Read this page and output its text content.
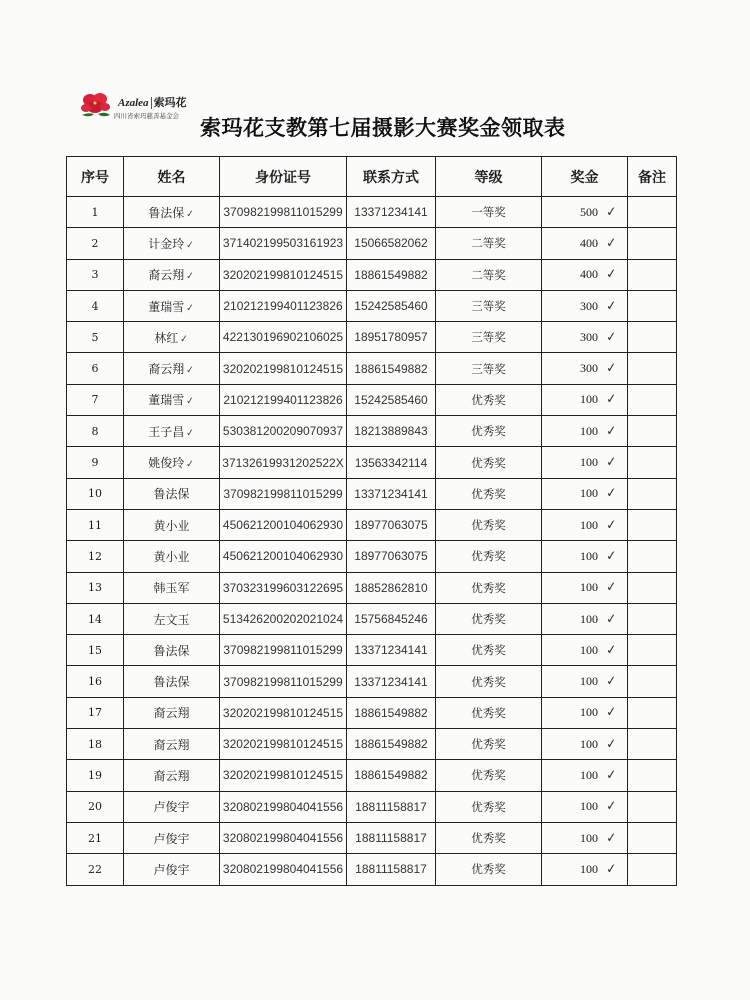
Azalea 索玛花
四川省索玛慈善基金会 索玛花支教第七届摄影大赛奖金领取表
序号	姓名	身份证号	联系方式	等级	奖金	备注
1	鲁法保✓	370982199811015299	13371234141	一等奖	500 ✓	
2	计金玲✓	371402199503161923	15066582062	二等奖	400 ✓	
3	裔云翔✓	320202199810124515	18861549882	二等奖	400 ✓	
4	董瑞雪✓	210212199401123826	15242585460	三等奖	300 ✓	
5	林红✓	422130196902106025	18951780957	三等奖	300 ✓	
6	裔云翔✓	320202199810124515	18861549882	三等奖	300 ✓	
7	董瑞雪✓	210212199401123826	15242585460	优秀奖	100 ✓	
8	王子昌✓	530381200209070937	18213889843	优秀奖	100 ✓	
9	姚俊玲✓	37132619931202522X	13563342114	优秀奖	100 ✓	
10	鲁法保	370982199811015299	13371234141	优秀奖	100 ✓	
11	黄小业	450621200104062930	18977063075	优秀奖	100 ✓	
12	黄小业	450621200104062930	18977063075	优秀奖	100 ✓	
13	韩玉军	370323199603122695	18852862810	优秀奖	100 ✓	
14	左文玉	513426200202021024	15756845246	优秀奖	100 ✓	
15	鲁法保	370982199811015299	13371234141	优秀奖	100 ✓	
16	鲁法保	370982199811015299	13371234141	优秀奖	100 ✓	
17	裔云翔	320202199810124515	18861549882	优秀奖	100 ✓	
18	裔云翔	320202199810124515	18861549882	优秀奖	100 ✓	
19	裔云翔	320202199810124515	18861549882	优秀奖	100 ✓	
20	卢俊宇	320802199804041556	18811158817	优秀奖	100 ✓	
21	卢俊宇	320802199804041556	18811158817	优秀奖	100 ✓	
22	卢俊宇	320802199804041556	18811158817	优秀奖	100 ✓	
